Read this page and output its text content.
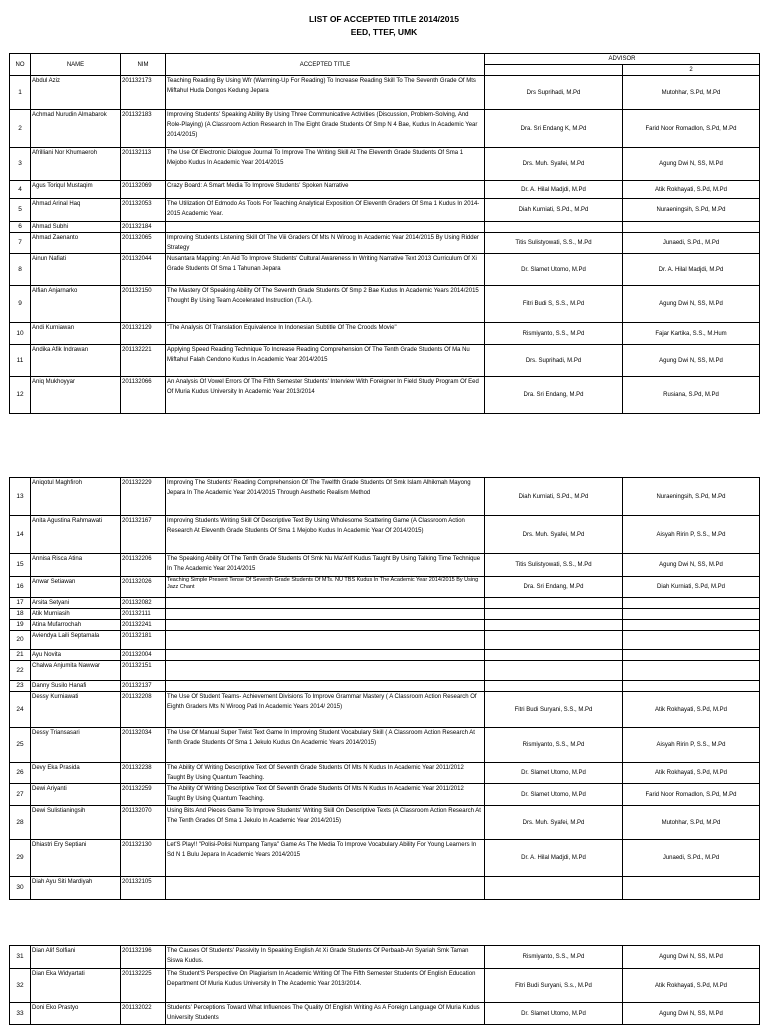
LIST OF ACCEPTED TITLE 2014/2015
EED, TTEF, UMK
NO	NAME	NIM	ACCEPTED TITLE	ADVISOR	
				1	2
1	Abdul Aziz	201132173	Teaching Reading By Using Wfr (Warming-Up For Reading) To Increase Reading Skill To The Seventh Grade Of Mts Miftahul Huda Dongos Kedung Jepara	Drs Suprihadi, M.Pd	Mutohhar, S.Pd, M.Pd
2	Achmad Nurudin Almabarok	201132183	Improving Students' Speaking Ability By Using Three Communicative Activities (Discussion, Problem-Solving, And Role-Playing) (A Classroom Action Research In The Eight Grade Students Of Smp N 4 Bae, Kudus In Academic Year 2014/2015)	Dra. Sri Endang K, M.Pd	Farid Noor Romadlon, S.Pd, M.Pd
3	Afrilliani Nor Khumaeroh	201132113	The Use Of Electronic Dialogue Journal To Improve The Writing Skill At The Eleventh Grade Students Of Sma 1 Mejobo Kudus In Academic Year 2014/2015	Drs. Muh. Syafei, M.Pd	Agung Dwi N, SS, M.Pd
4	Agus Toriqul Mustaqim	201132069	Crazy Board: A Smart Media To Improve Students' Spoken Narrative	Dr. A. Hilal Madjdi, M.Pd	Atik Rokhayati, S.Pd, M.Pd
5	Ahmad Arinal Haq	201132053	The Utilization Of Edmodo As Tools For Teaching Analytical Exposition Of Eleventh Graders Of Sma 1 Kudus In 2014-2015 Academic Year.	Diah Kurniati, S.Pd., M.Pd	Nuraeningsih, S.Pd, M.Pd
6	Ahmad Subhi	201132184			
7	Ahmad Zaenanto	201132065	Improving Students Listening Skill Of The Viii Graders Of Mts N Wiroog In Academic Year 2014/2015 By Using Ridder Strategy	Titis Sulistyowati, S.S., M.Pd	Junaedi, S.Pd., M.Pd
8	Ainun Nafiati	201132044	Nusantara Mapping: An Aid To Improve Students' Cultural Awareness In Writing Narrative Text 2013 Curriculum Of Xi Grade Students Of Sma 1 Tahunan Jepara	Dr. Slamet Utomo, M.Pd	Dr. A. Hilal Madjdi, M.Pd
9	Alfian Anjarnarko	201132150	The Mastery Of Speaking Ability Of The Seventh Grade Students Of Smp 2 Bae Kudus In Academic Years 2014/2015 Thought By Using Team Accelerated Instruction (T.A.I).	Fitri Budi S, S.S., M.Pd	Agung Dwi N, SS, M.Pd
10	Andi Kurniawan	201132129	"The Analysis Of Translation Equivalence In Indonesian Subtitle Of The Croods Movie"	Rismiyanto, S.S., M.Pd	Fajar Kartika, S.S., M.Hum
11	Andika Afik Indrawan	201132221	Applying Speed Reading Technique To Increase Reading Comprehension Of The Tenth Grade Students Of Ma Nu Miftahul Falah Cendono Kudus In Academic Year 2014/2015	Drs. Suprihadi, M.Pd	Agung Dwi N, SS, M.Pd
12	Aniq Mukhoyyar	201132066	An Analysis Of Vowel Errors Of The Fifth Semester Students' Interview With Foreigner In Field Study Program Of Eed Of Muria Kudus University In Academic Year 2013/2014	Dra. Sri Endang, M.Pd	Rusiana, S.Pd, M.Pd
13	Aniqotul Maghfiroh	201132229	Improving The Students' Reading Comprehension Of The Twelfth Grade Students Of Smk Islam Alhikmah Mayong Jepara In The Academic Year 2014/2015 Through Aesthetic Realism Method	Diah Kurniati, S.Pd., M.Pd	Nuraeningsih, S.Pd, M.Pd
14	Anita Agustina Rahmawati	201132167	Improving Students Writing Skill Of Descriptive Text By Using Wholesome Scattering Game (A Classroom Action Research At Eleventh Grade Students Of Sma 1 Mejobo Kudus In Academic Year Of 2014/2015)	Drs. Muh. Syafei, M.Pd	Aisyah Ririn P, S.S., M.Pd
15	Annisa Risca Atina	201132206	The Speaking Ability Of The Tenth Grade Students Of Smk Nu Ma'Arif Kudus Taught By Using Talking Time Technique In The Academic Year 2014/2015	Titis Sulistyowati, S.S., M.Pd	Agung Dwi N, SS, M.Pd
16	Anwar Setiawan	201132026	Teaching Simple Present Tense Of Seventh Grade Students Of MTs. NU TBS Kudus In The Academic Year 2014/2015 By Using Jazz Chant	Dra. Sri Endang, M.Pd	Diah Kurniati, S.Pd, M.Pd
17	Arsita Setyani	201132082			
18	Atik Murniasih	201132111			
19	Atina Mufarrochah	201132241			
20	Aviendya Laili Septamala	201132181			
21	Ayu Novita	201132004			
22	Chalwa Anjumita Nawwar	201132151			
23	Danny Susilo Hanafi	201132137			
24	Dessy Kurniawati	201132208	The Use Of Student Teams- Achievement Divisions To Improve Grammar Mastery ( A Classroom Action Research Of Eighth Graders Mts N Wiroog Pati In Academic Years 2014/ 2015)	Fitri Budi Suryani, S.S., M.Pd	Atik Rokhayati, S.Pd, M.Pd
25	Dessy Triansasari	201132034	The Use Of Manual Super Twist Text Game In Improving Student Vocabulary Skill ( A Classroom Action Research At Tenth Grade Students Of Sma 1 Jekulo Kudus On Academic Years 2014/2015)	Rismiyanto, S.S., M.Pd	Aisyah Ririn P, S.S., M.Pd
26	Devy Eka Prasida	201132238	The Ability Of Writing Descriptive Text Of Seventh Grade Students Of Mts N Kudus In Academic Year 2011/2012 Taught By Using Quantum Teaching.	Dr. Slamet Utomo, M.Pd	Atik Rokhayati, S.Pd, M.Pd
27	Dewi Ariyanti	201132259	The Ability Of Writing Descriptive Text Of Seventh Grade Students Of Mts N Kudus In Academic Year 2011/2012 Taught By Using Quantum Teaching.	Dr. Slamet Utomo, M.Pd	Farid Noor Romadlon, S.Pd, M.Pd
28	Dewi Sulistianingsih	201132070	Using Bits And Pieces Game To Improve Students' Writing Skill On Descriptive Texts (A Classroom Action Research At The Tenth Grades Of Sma 1 Jekulo In Academic Year 2014/2015)	Drs. Muh. Syafei, M.Pd	Mutohhar, S.Pd, M.Pd
29	Dhiastri Ery Septiani	201132130	Let'S Play!! "Polisi-Polisi Numpang Tanya" Game As The Media To Improve Vocabulary Ability For Young Learners In Sd N 1 Bulu Jepara In Academic Years 2014/2015	Dr. A. Hilal Madjdi, M.Pd	Junaedi, S.Pd., M.Pd
30	Diah Ayu Siti Mardiyah	201132105			
31	Dian Alif Solfiani	201132196	The Causes Of Students' Passivity In Speaking English At Xi Grade Students Of Perbaab-An Syariah Smk Taman Siswa Kudus.	Rismiyanto, S.S., M.Pd	Agung Dwi N, SS, M.Pd
32	Dian Eka Widyartati	201132225	The Student'S Perspective On Plagiarism In Academic Writing Of The Fifth Semester Students Of English Education Department Of Muria Kudus University In The Academic Year 2013/2014.	Fitri Budi Suryani, S.s., M.Pd	Atik Rokhayati, S.Pd, M.Pd
33	Doni Eko Prastyo	201132022	Students' Perceptions Toward What Influences The Quality Of English Writing As A Foreign Language Of Muria Kudus University Students	Dr. Slamet Utomo, M.Pd	Agung Dwi N, SS, M.Pd
